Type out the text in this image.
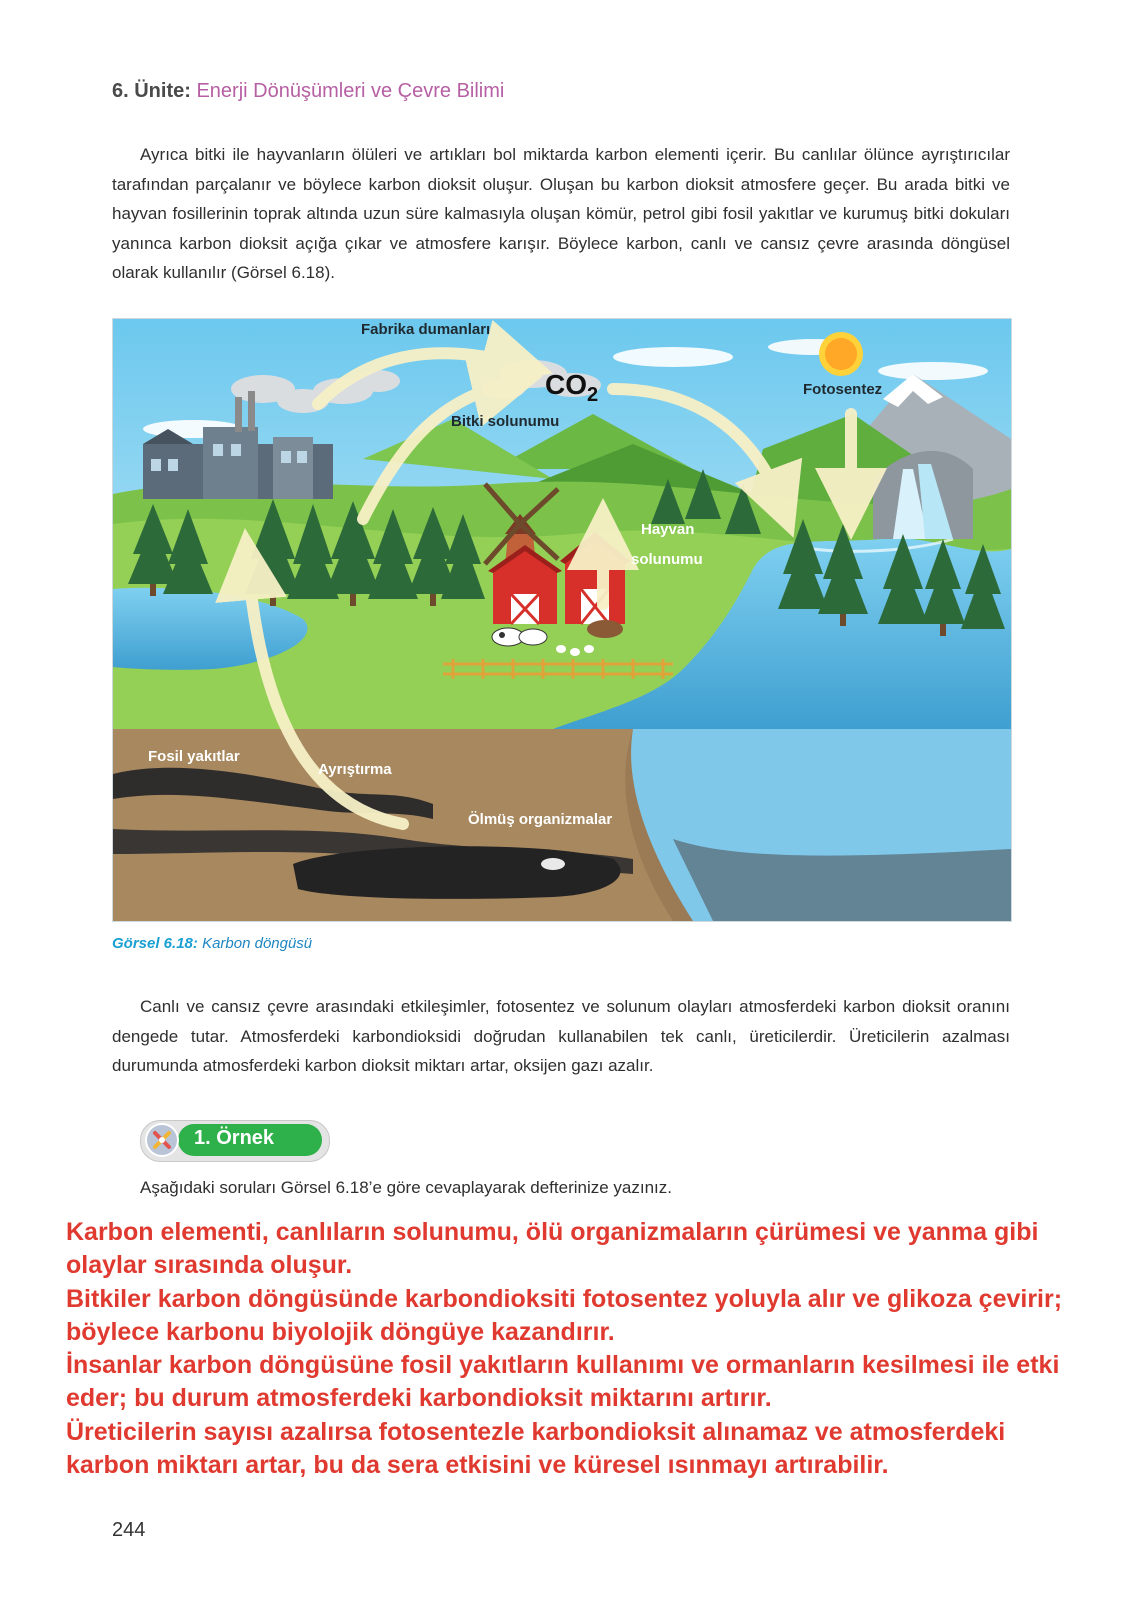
6. Ünite: Enerji Dönüşümleri ve Çevre Bilimi

Ayrıca bitki ile hayvanların ölüleri ve artıkları bol miktarda karbon elementi içerir. Bu canlılar ölünce ayrıştırıcılar tarafından parçalanır ve böylece karbon dioksit oluşur. Oluşan bu karbon dioksit atmosfere geçer. Bu arada bitki ve hayvan fosillerinin toprak altında uzun süre kalmasıyla oluşan kömür, petrol gibi fosil yakıtlar ve kurumuş bitki dokuları yanınca karbon dioksit açığa çıkar ve atmosfere karışır. Böylece karbon, canlı ve cansız çevre arasında döngüsel olarak kullanılır (Görsel 6.18).

Fabrika dumanları
$CO_2$	Fotosentez
Bitki solunumu
Hayvan
solunumu
Fosil yakıtlar
Ayrıştırma
Ölmüş organizmalar
Görsel 6.18: Karbon döngüsü

Canlı ve cansız çevre arasındaki etkileşimler, fotosentez ve solunum olayları atmosferdeki karbon dioksit oranını dengede tutar. Atmosferdeki karbondioksidi doğrudan kullanabilen tek canlı, üreticilerdir. Üreticilerin azalması durumunda atmosferdeki karbon dioksit miktarı artar, oksijen gazı azalır.

1. Örnek
Aşağıdaki soruları Görsel 6.18’e göre cevaplayarak defterinize yazınız.

Karbon elementi, canlıların solunumu, ölü organizmaların çürümesi ve yanma gibi olaylar sırasında oluşur.

Bitkiler karbon döngüsünde karbondioksiti fotosentez yoluyla alır ve glikoza çevirir; böylece karbonu biyolojik döngüye kazandırır.

İnsanlar karbon döngüsüne fosil yakıtların kullanımı ve ormanların kesilmesi ile etki eder; bu durum atmosferdeki karbondioksit miktarını artırır.

Üreticilerin sayısı azalırsa fotosentezle karbondioksit alınamaz ve atmosferdeki karbon miktarı artar, bu da sera etkisini ve küresel ısınmayı artırabilir.

244
